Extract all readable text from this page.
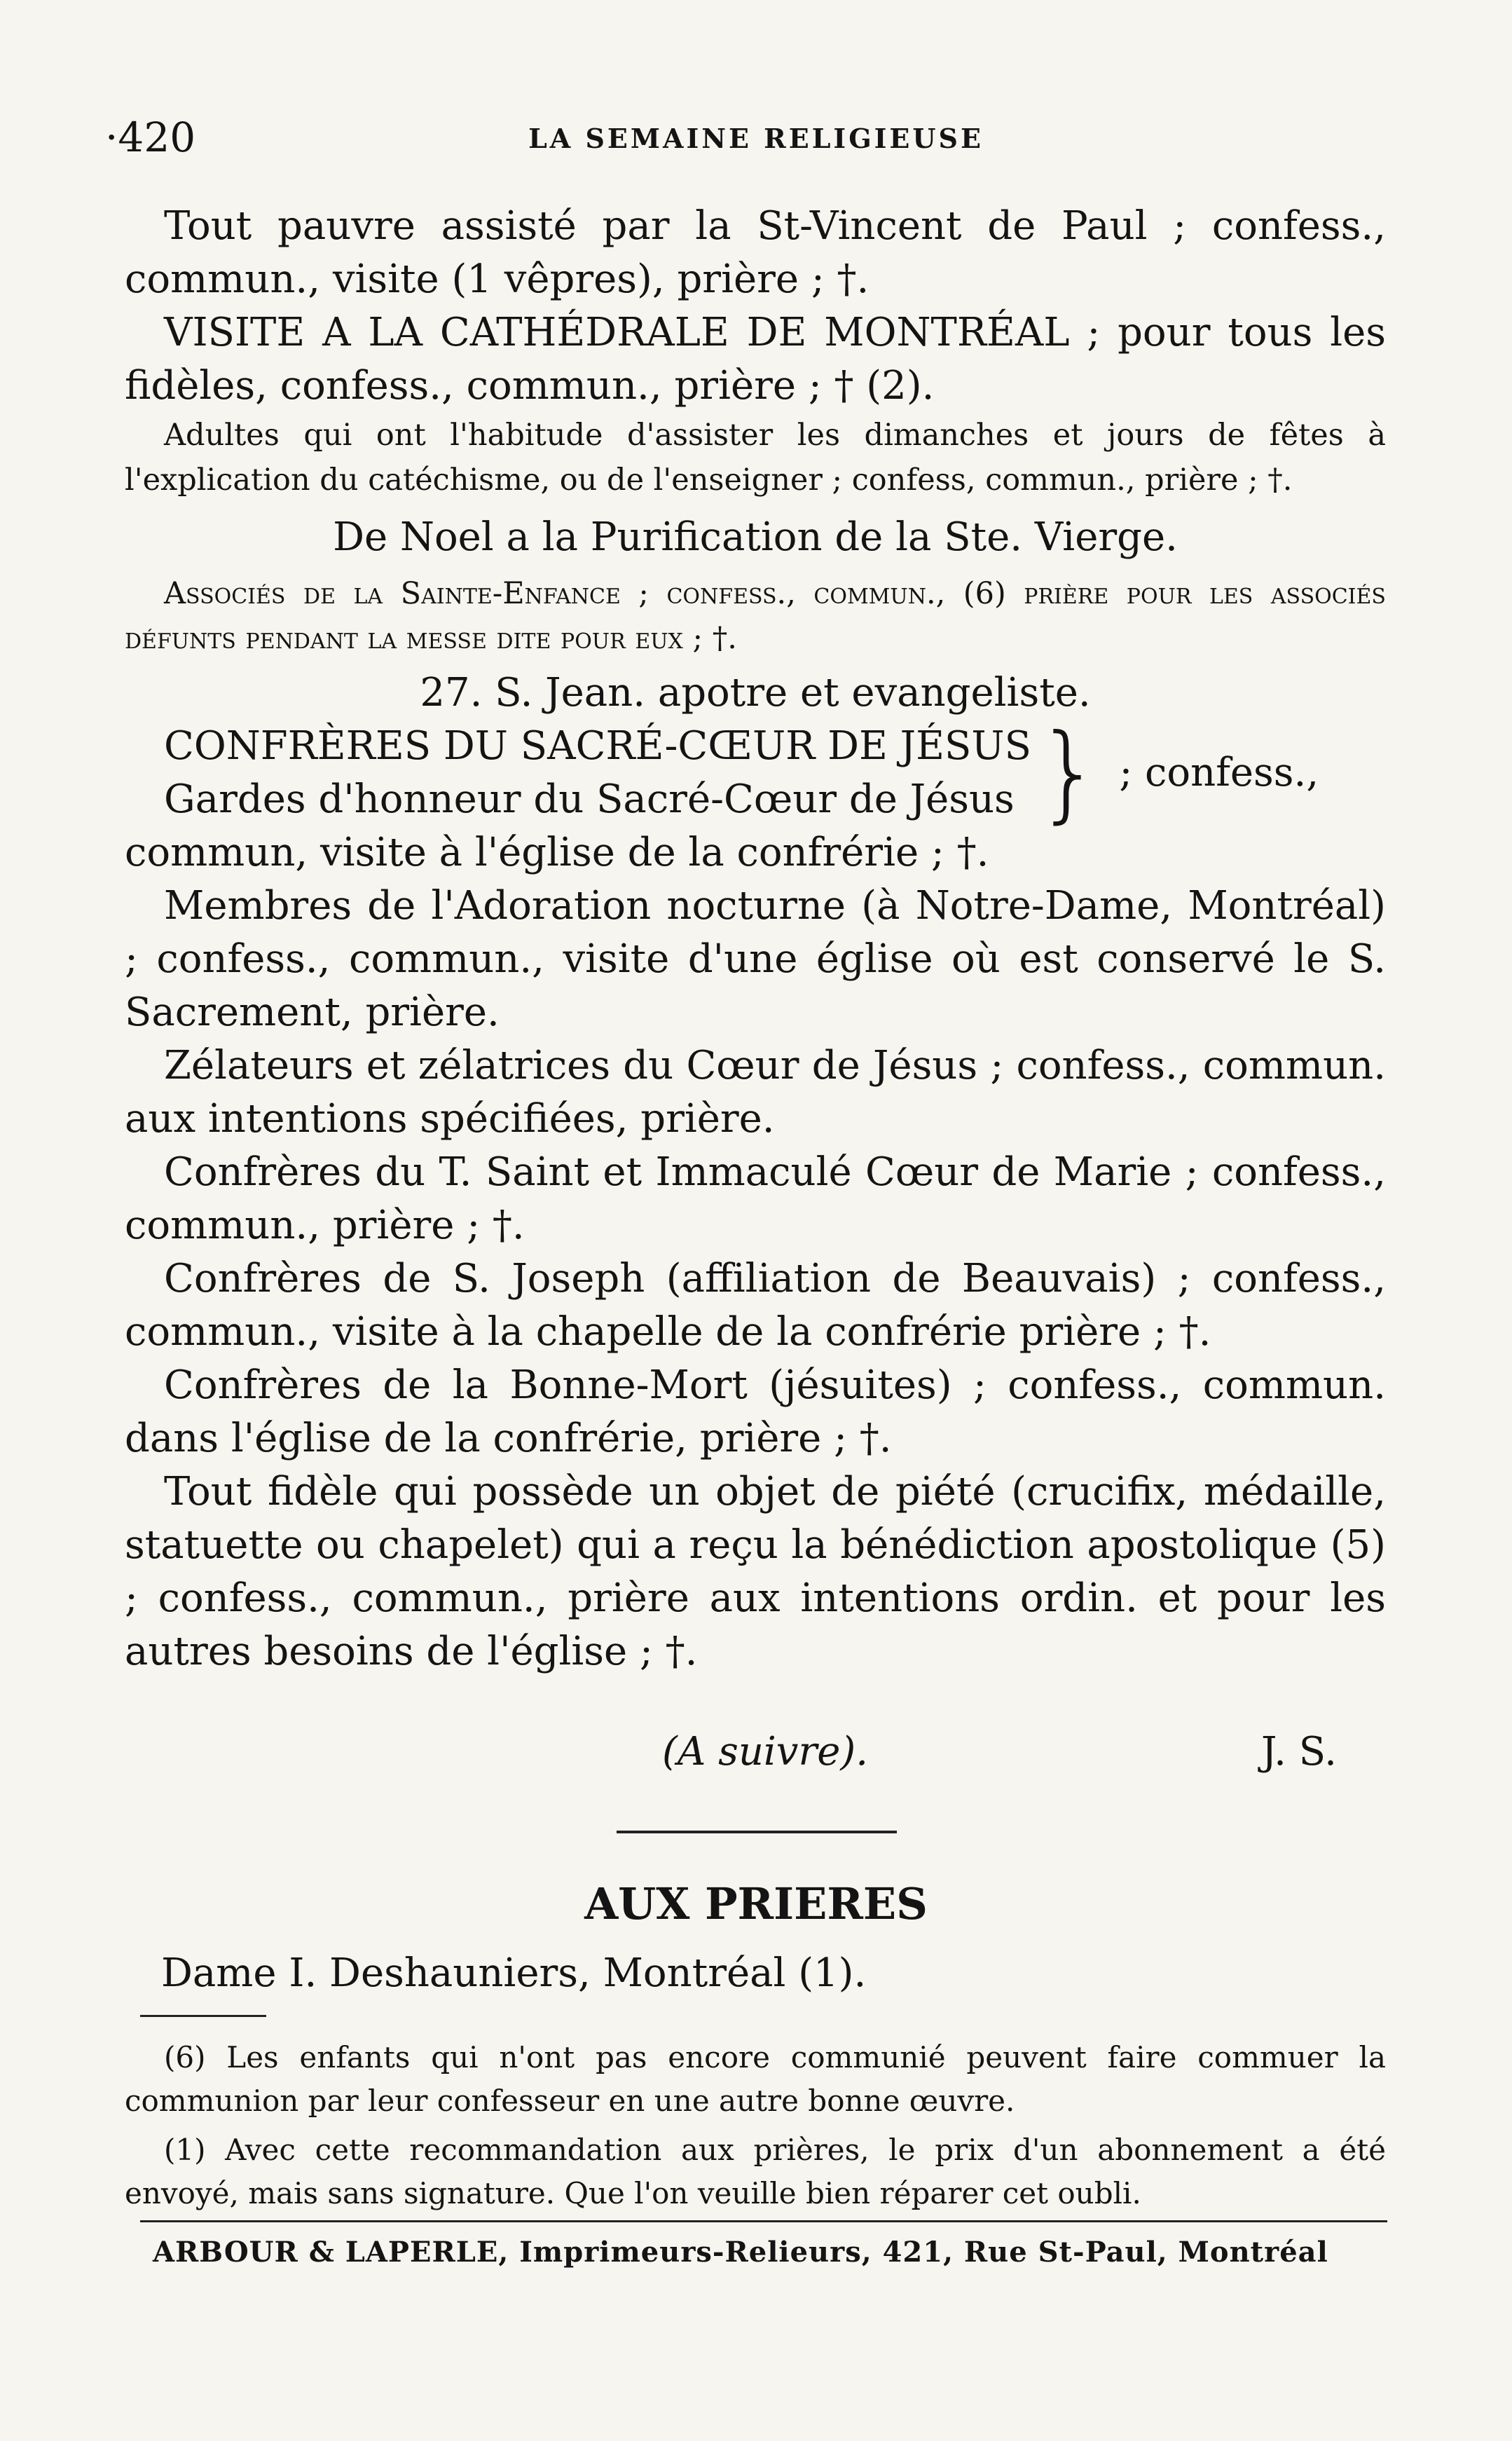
·420	LA SEMAINE RELIGIEUSE

Tout pauvre assisté par la St-Vincent de Paul ; confess., commun., visite (1 vêpres), prière ; †.

VISITE A LA CATHÉDRALE DE MONTRÉAL ; pour tous les fidèles, confess., commun., prière ; † (2).

Adultes qui ont l'habitude d'assister les dimanches et jours de fêtes à l'explication du catéchisme, ou de l'enseigner ; confess, commun., prière ; †.

De Noel a la Purification de la Ste. Vierge.

Associés de la Sainte-Enfance ; confess., commun., (6) prière pour les associés défunts pendant la messe dite pour eux ; †.

27. S. Jean. apotre et evangeliste.

CONFRÈRES DU SACRÉ-CŒUR DE JÉSUS

Gardes d'honneur du Sacré-Cœur de Jésus } ; confess.,

commun, visite à l'église de la confrérie ; †.

Membres de l'Adoration nocturne (à Notre-Dame, Montréal) ; confess., commun., visite d'une église où est conservé le S. Sacrement, prière.

Zélateurs et zélatrices du Cœur de Jésus ; confess., commun. aux intentions spécifiées, prière.

Confrères du T. Saint et Immaculé Cœur de Marie ; confess., commun., prière ; †.

Confrères de S. Joseph (affiliation de Beauvais) ; confess., commun., visite à la chapelle de la confrérie prière ; †.

Confrères de la Bonne-Mort (jésuites) ; confess., commun. dans l'église de la confrérie, prière ; †.

Tout fidèle qui possède un objet de piété (crucifix, médaille, statuette ou chapelet) qui a reçu la bénédiction apostolique (5) ; confess., commun., prière aux intentions ordin. et pour les autres besoins de l'église ; †.

(A suivre).	J. S.
AUX PRIERES
Dame I. Deshauniers, Montréal (1).

(6) Les enfants qui n'ont pas encore communié peuvent faire commuer la communion par leur confesseur en une autre bonne œuvre.

(1) Avec cette recommandation aux prières, le prix d'un abonnement a été envoyé, mais sans signature. Que l'on veuille bien réparer cet oubli.

ARBOUR & LAPERLE, Imprimeurs-Relieurs, 421, Rue St-Paul, Montréal
